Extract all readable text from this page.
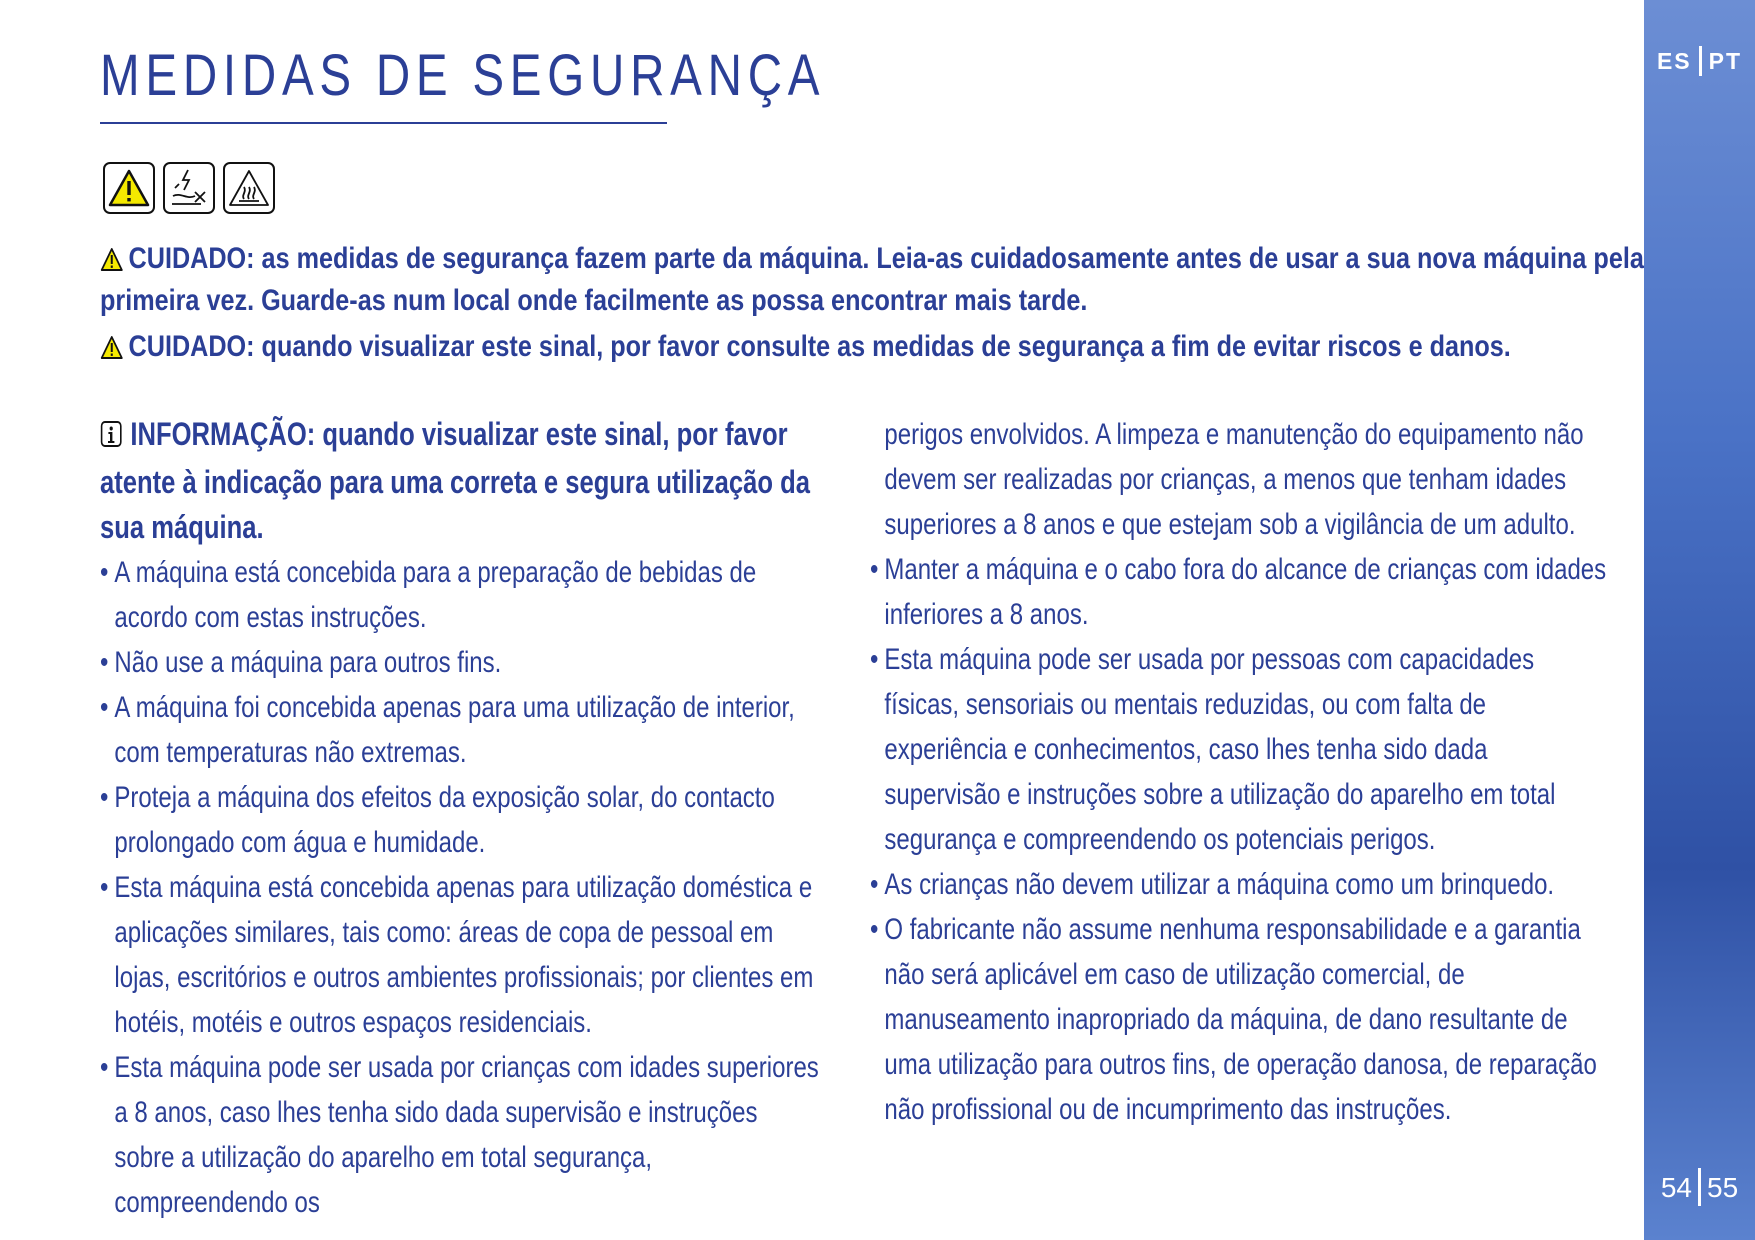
ES PT
54 55
MEDIDAS DE SEGURANÇA

CUIDADO: as medidas de segurança fazem parte da máquina. Leia-as cuidadosamente antes de usar a sua nova máquina pela primeira vez. Guarde-as num local onde facilmente as possa encontrar mais tarde.

CUIDADO: quando visualizar este sinal, por favor consulte as medidas de segurança a fim de evitar riscos e danos.

INFORMAÇÃO: quando visualizar este sinal, por favor atente à indicação para uma correta e segura utilização da sua máquina.

• A máquina está concebida para a preparação de bebidas de acordo com estas instruções.
• Não use a máquina para outros fins.
• A máquina foi concebida apenas para uma utilização de interior, com temperaturas não extremas.
• Proteja a máquina dos efeitos da exposição solar, do contacto prolongado com água e humidade.
• Esta máquina está concebida apenas para utilização doméstica e aplicações similares, tais como: áreas de copa de pessoal em lojas, escritórios e outros ambientes profissionais; por clientes em hotéis, motéis e outros espaços residenciais.
• Esta máquina pode ser usada por crianças com idades superiores a 8 anos, caso lhes tenha sido dada supervisão e instruções sobre a utilização do aparelho em total segurança, compreendendo os

perigos envolvidos. A limpeza e manutenção do equipamento não devem ser realizadas por crianças, a menos que tenham idades superiores a 8 anos e que estejam sob a vigilância de um adulto.

• Manter a máquina e o cabo fora do alcance de crianças com idades inferiores a 8 anos.
• Esta máquina pode ser usada por pessoas com capacidades físicas, sensoriais ou mentais reduzidas, ou com falta de experiência e conhecimentos, caso lhes tenha sido dada supervisão e instruções sobre a utilização do aparelho em total segurança e compreendendo os potenciais perigos.
• As crianças não devem utilizar a máquina como um brinquedo.
• O fabricante não assume nenhuma responsabilidade e a garantia não será aplicável em caso de utilização comercial, de manuseamento inapropriado da máquina, de dano resultante de uma utilização para outros fins, de operação danosa, de reparação não profissional ou de incumprimento das instruções.
